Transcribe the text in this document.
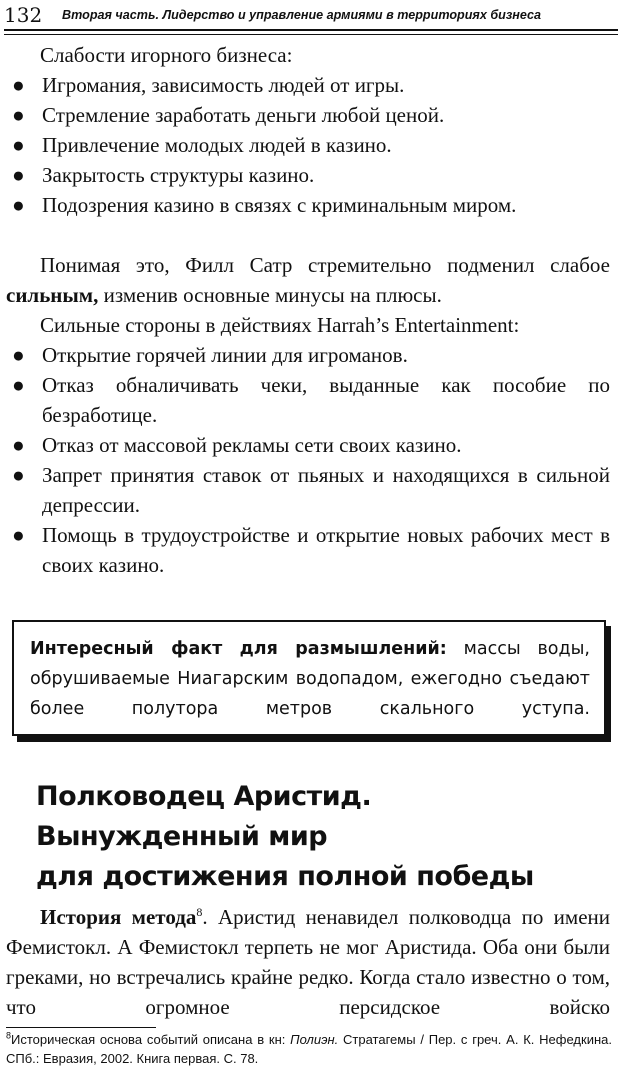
132 Вторая часть. Лидерство и управление армиями в территориях бизнеса

Слабости игорного бизнеса:

● Игромания, зависимость людей от игры.
● Стремление заработать деньги любой ценой.
● Привлечение молодых людей в казино.
● Закрытость структуры казино.
● Подозрения казино в связях с криминальным миром.

Понимая это, Филл Сатр стремительно подменил слабое сильным, изменив основные минусы на плюсы.

Сильные стороны в действиях Harrah’s Entertainment:

● Открытие горячей линии для игроманов.
● Отказ обналичивать чеки, выданные как пособие по безработице.
● Отказ от массовой рекламы сети своих казино.
● Запрет принятия ставок от пьяных и находящихся в сильной депрессии.
● Помощь в трудоустройстве и открытие новых рабочих мест в своих казино.
Интересный факт для размышлений: массы воды, обрушиваемые Ниагарским водопадом, ежегодно съедают более полутора метров скального уступа.
Полководец Аристид.
Вынужденный мир
для достижения полной победы

История метода$^8$. Аристид ненавидел полководца по имени Фемистокл. А Фемистокл терпеть не мог Аристида. Оба они были греками, но встречались крайне редко. Когда стало известно о том, что огромное персидское войско

$^8$Историческая основа событий описана в кн: Полиэн. Стратагемы / Пер. с греч. А. К. Нефедкина. СПб.: Евразия, 2002. Книга первая. С. 78.
